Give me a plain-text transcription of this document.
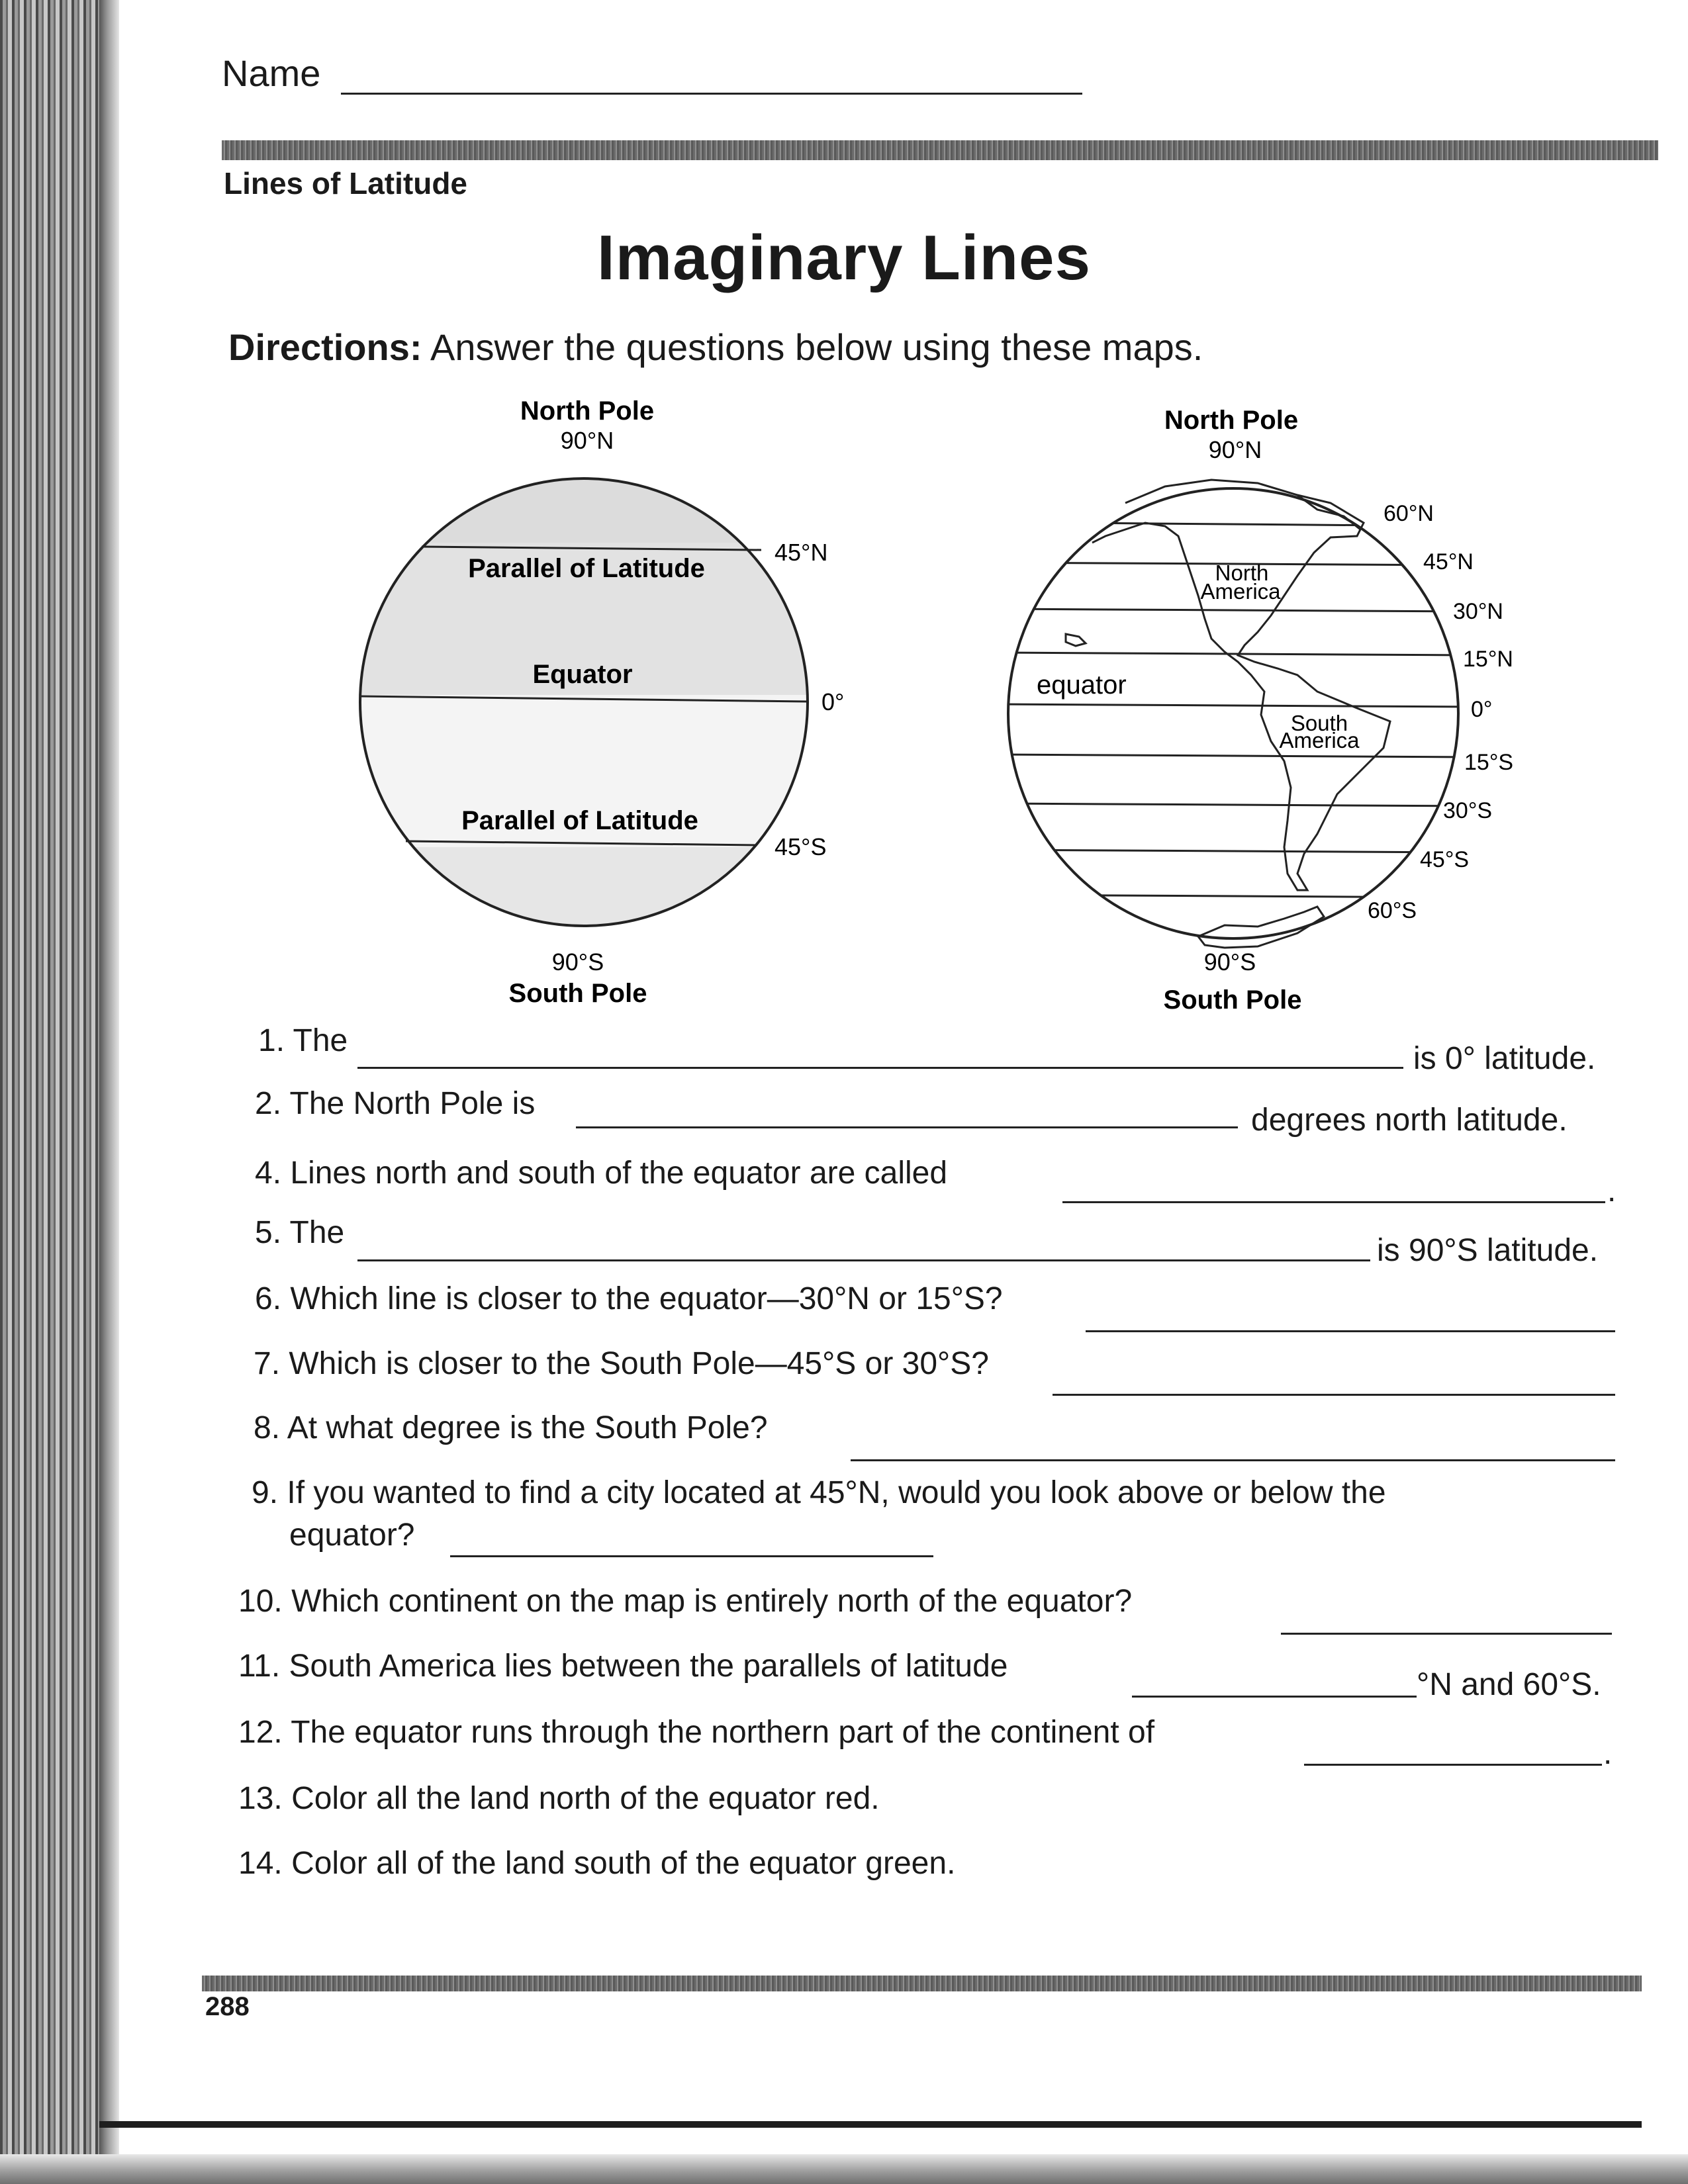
Name
Lines of Latitude
Imaginary Lines
Directions: Answer the questions below using these maps.
North Pole
90°N
Parallel of Latitude
Equator
Parallel of Latitude
45°N
0°
45°S
90°S
South Pole
North Pole
90°N
North
America
South
America
equator
60°N
45°N
30°N
15°N
0°
15°S
30°S
45°S
60°S
90°S
South Pole
1. The
is 0° latitude.
2. The North Pole is	degrees north latitude.
4. Lines north and south of the equator are called
.
5. The
is 90°S latitude.
6. Which line is closer to the equator—30°N or 15°S?
7. Which is closer to the South Pole—45°S or 30°S?
8. At what degree is the South Pole?
9. If you wanted to find a city located at 45°N, would you look above or below the
equator?
10. Which continent on the map is entirely north of the equator?
11. South America lies between the parallels of latitude
°N and 60°S.
12. The equator runs through the northern part of the continent of
.
13. Color all the land north of the equator red.
14. Color all of the land south of the equator green.
288
